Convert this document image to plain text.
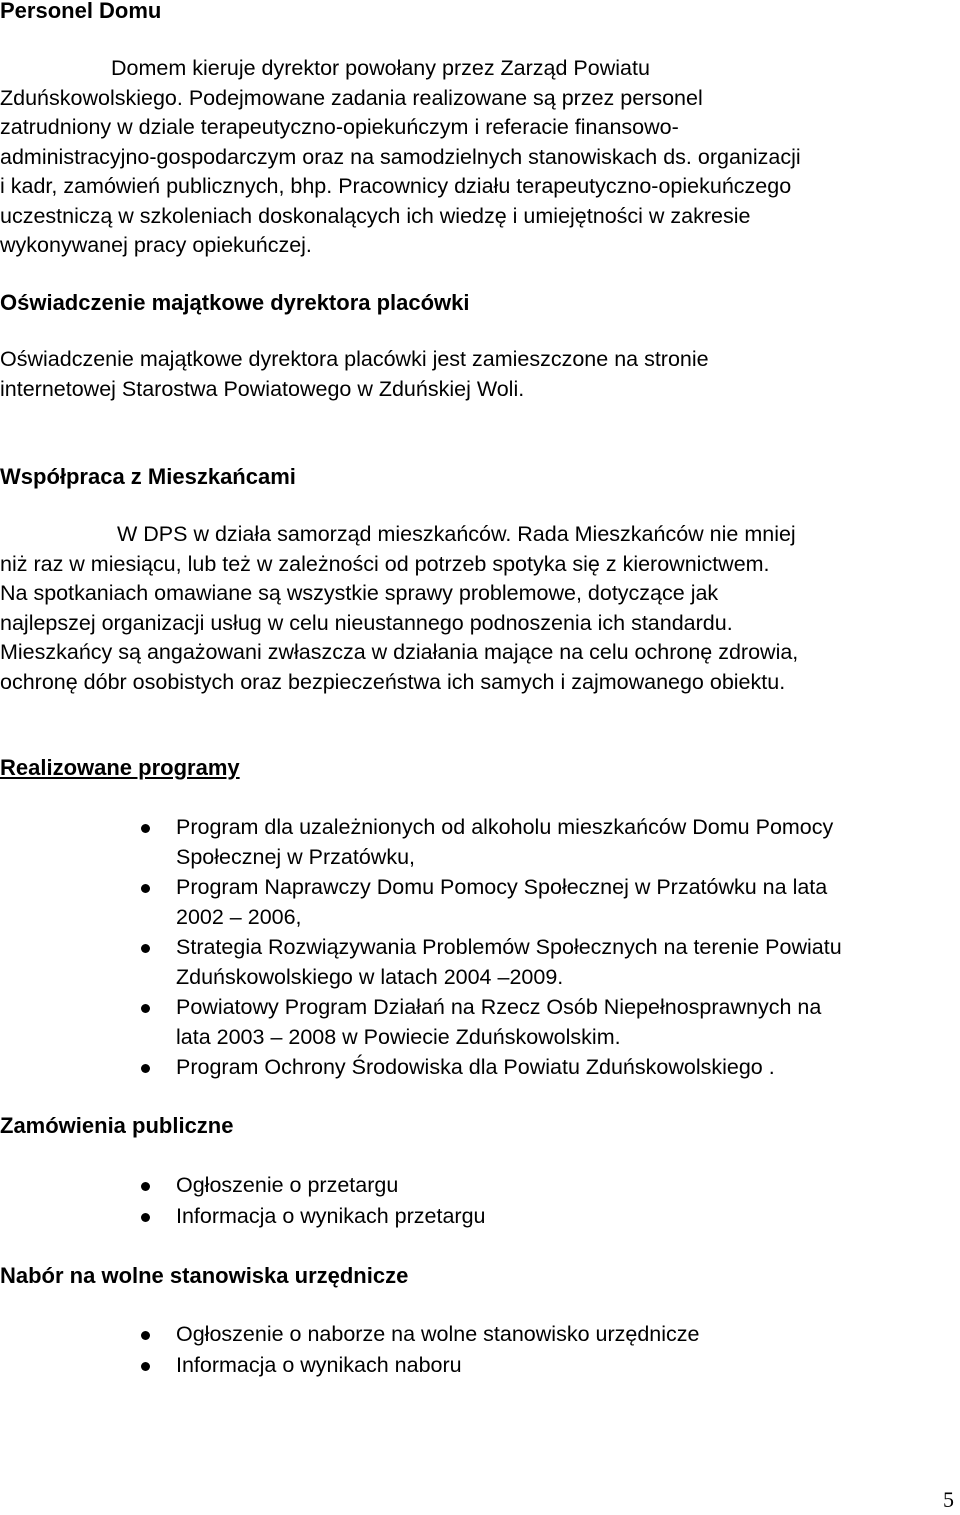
Personel Domu
Domem kieruje dyrektor powołany przez Zarząd Powiatu
Zduńskowolskiego. Podejmowane zadania realizowane są przez personel
zatrudniony w dziale terapeutyczno-opiekuńczym i referacie finansowo-
administracyjno-gospodarczym oraz na samodzielnych stanowiskach ds. organizacji
i kadr, zamówień publicznych, bhp. Pracownicy działu terapeutyczno-opiekuńczego
uczestniczą w szkoleniach doskonalących ich wiedzę i umiejętności w zakresie
wykonywanej pracy opiekuńczej.
Oświadczenie majątkowe dyrektora placówki
Oświadczenie majątkowe dyrektora placówki jest zamieszczone na stronie
internetowej Starostwa Powiatowego w Zduńskiej Woli.
Współpraca z Mieszkańcami
W DPS w działa samorząd mieszkańców. Rada Mieszkańców nie mniej
niż raz w miesiącu, lub też w zależności od potrzeb spotyka się z kierownictwem.
Na spotkaniach omawiane są wszystkie sprawy problemowe, dotyczące jak
najlepszej organizacji usług w celu nieustannego podnoszenia ich standardu.
Mieszkańcy są angażowani zwłaszcza w działania mające na celu ochronę zdrowia,
ochronę dóbr osobistych oraz bezpieczeństwa ich samych i zajmowanego obiektu.
Realizowane programy
Program dla uzależnionych od alkoholu mieszkańców Domu Pomocy
Społecznej w Przatówku,
Program Naprawczy Domu Pomocy Społecznej w Przatówku na lata
2002 – 2006,
Strategia Rozwiązywania Problemów Społecznych na terenie Powiatu
Zduńskowolskiego w latach 2004 –2009.
Powiatowy Program Działań na Rzecz Osób Niepełnosprawnych na
lata 2003 – 2008 w Powiecie Zduńskowolskim.
Program Ochrony Środowiska dla Powiatu Zduńskowolskiego .
Zamówienia publiczne
Ogłoszenie o przetargu
Informacja o wynikach przetargu
Nabór na wolne stanowiska urzędnicze
Ogłoszenie o naborze na wolne stanowisko urzędnicze
Informacja o wynikach naboru
5
